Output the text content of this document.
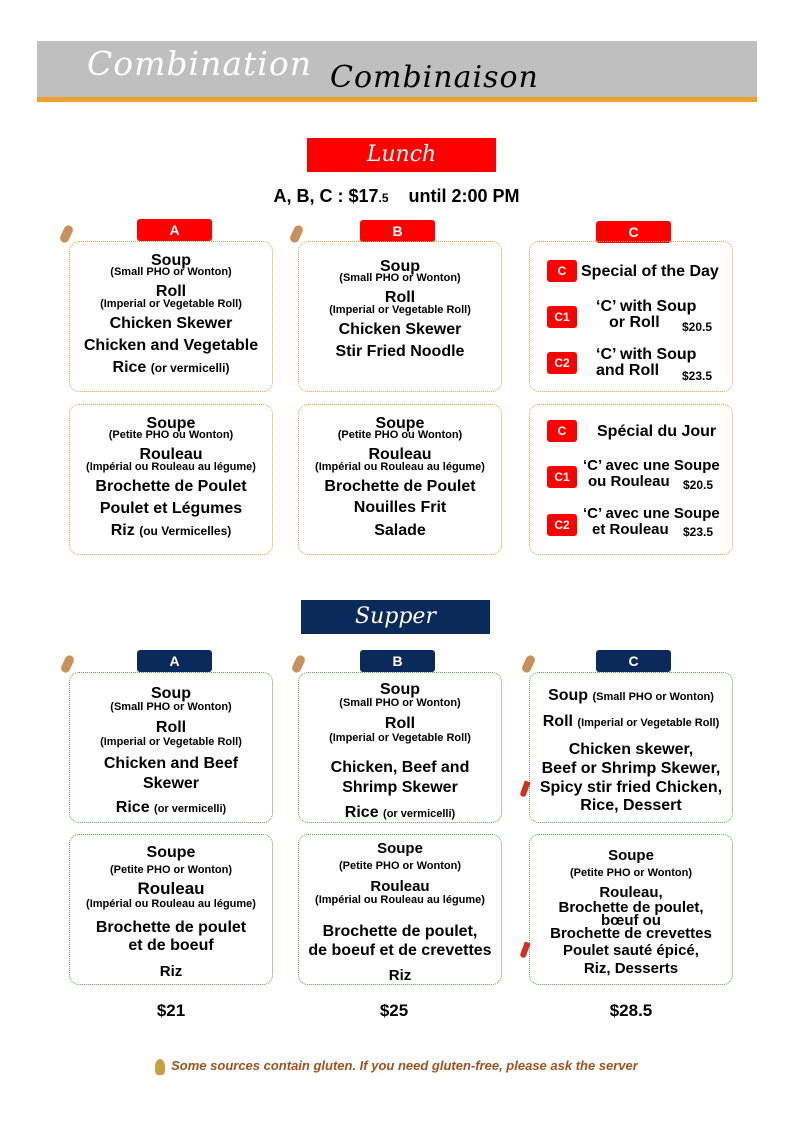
Combination Combinaison
Lunch
A, B, C : $17.5 until 2:00 PM
A	B	C
Soup
(Small PHO or Wonton)
Roll
(Imperial or Vegetable Roll)
Chicken Skewer
Chicken and Vegetable
Rice (or vermicelli)
Soup
(Small PHO or Wonton)
Roll
(Imperial or Vegetable Roll)
Chicken Skewer
Stir Fried Noodle
C Special of the Day
C1
‘C’ with Soup
or Roll $20.5
C2	‘C’ with Soup
and Roll $23.5
Soupe
(Petite PHO ou Wonton)
Rouleau
(Impérial ou Rouleau au légume)
Brochette de Poulet
Poulet et Légumes
Riz (ou Vermicelles)
Soupe
(Petite PHO ou Wonton)
Rouleau
(Impérial ou Rouleau au légume)
Brochette de Poulet
Nouilles Frit
Salade
C	Spécial du Jour
C1
‘C’ avec une Soupe
ou Rouleau $20.5
C2
‘C’ avec une Soupe
et Rouleau $23.5
Supper
A	B	C
Soup
(Small PHO or Wonton)
Roll
(Imperial or Vegetable Roll)
Chicken and Beef
Skewer
Rice (or vermicelli)
Soup
(Small PHO or Wonton)
Roll
(Imperial or Vegetable Roll)
Chicken, Beef and
Shrimp Skewer
Rice (or vermicelli)
Soup (Small PHO or Wonton)
Roll (Imperial or Vegetable Roll)
Chicken skewer,
Beef or Shrimp Skewer,
Spicy stir fried Chicken,
Rice, Dessert
Soupe
(Petite PHO or Wonton)
Rouleau
(Impérial ou Rouleau au légume)
Brochette de poulet
et de boeuf
Riz
Soupe
(Petite PHO or Wonton)
Rouleau
(Impérial ou Rouleau au légume)
Brochette de poulet,
de boeuf et de crevettes
Riz
Soupe
(Petite PHO or Wonton)
Rouleau,
Brochette de poulet,
bœuf ou
Brochette de crevettes
Poulet sauté épicé,
Riz, Desserts
$21	$25	$28.5
Some sources contain gluten. If you need gluten-free, please ask the server
